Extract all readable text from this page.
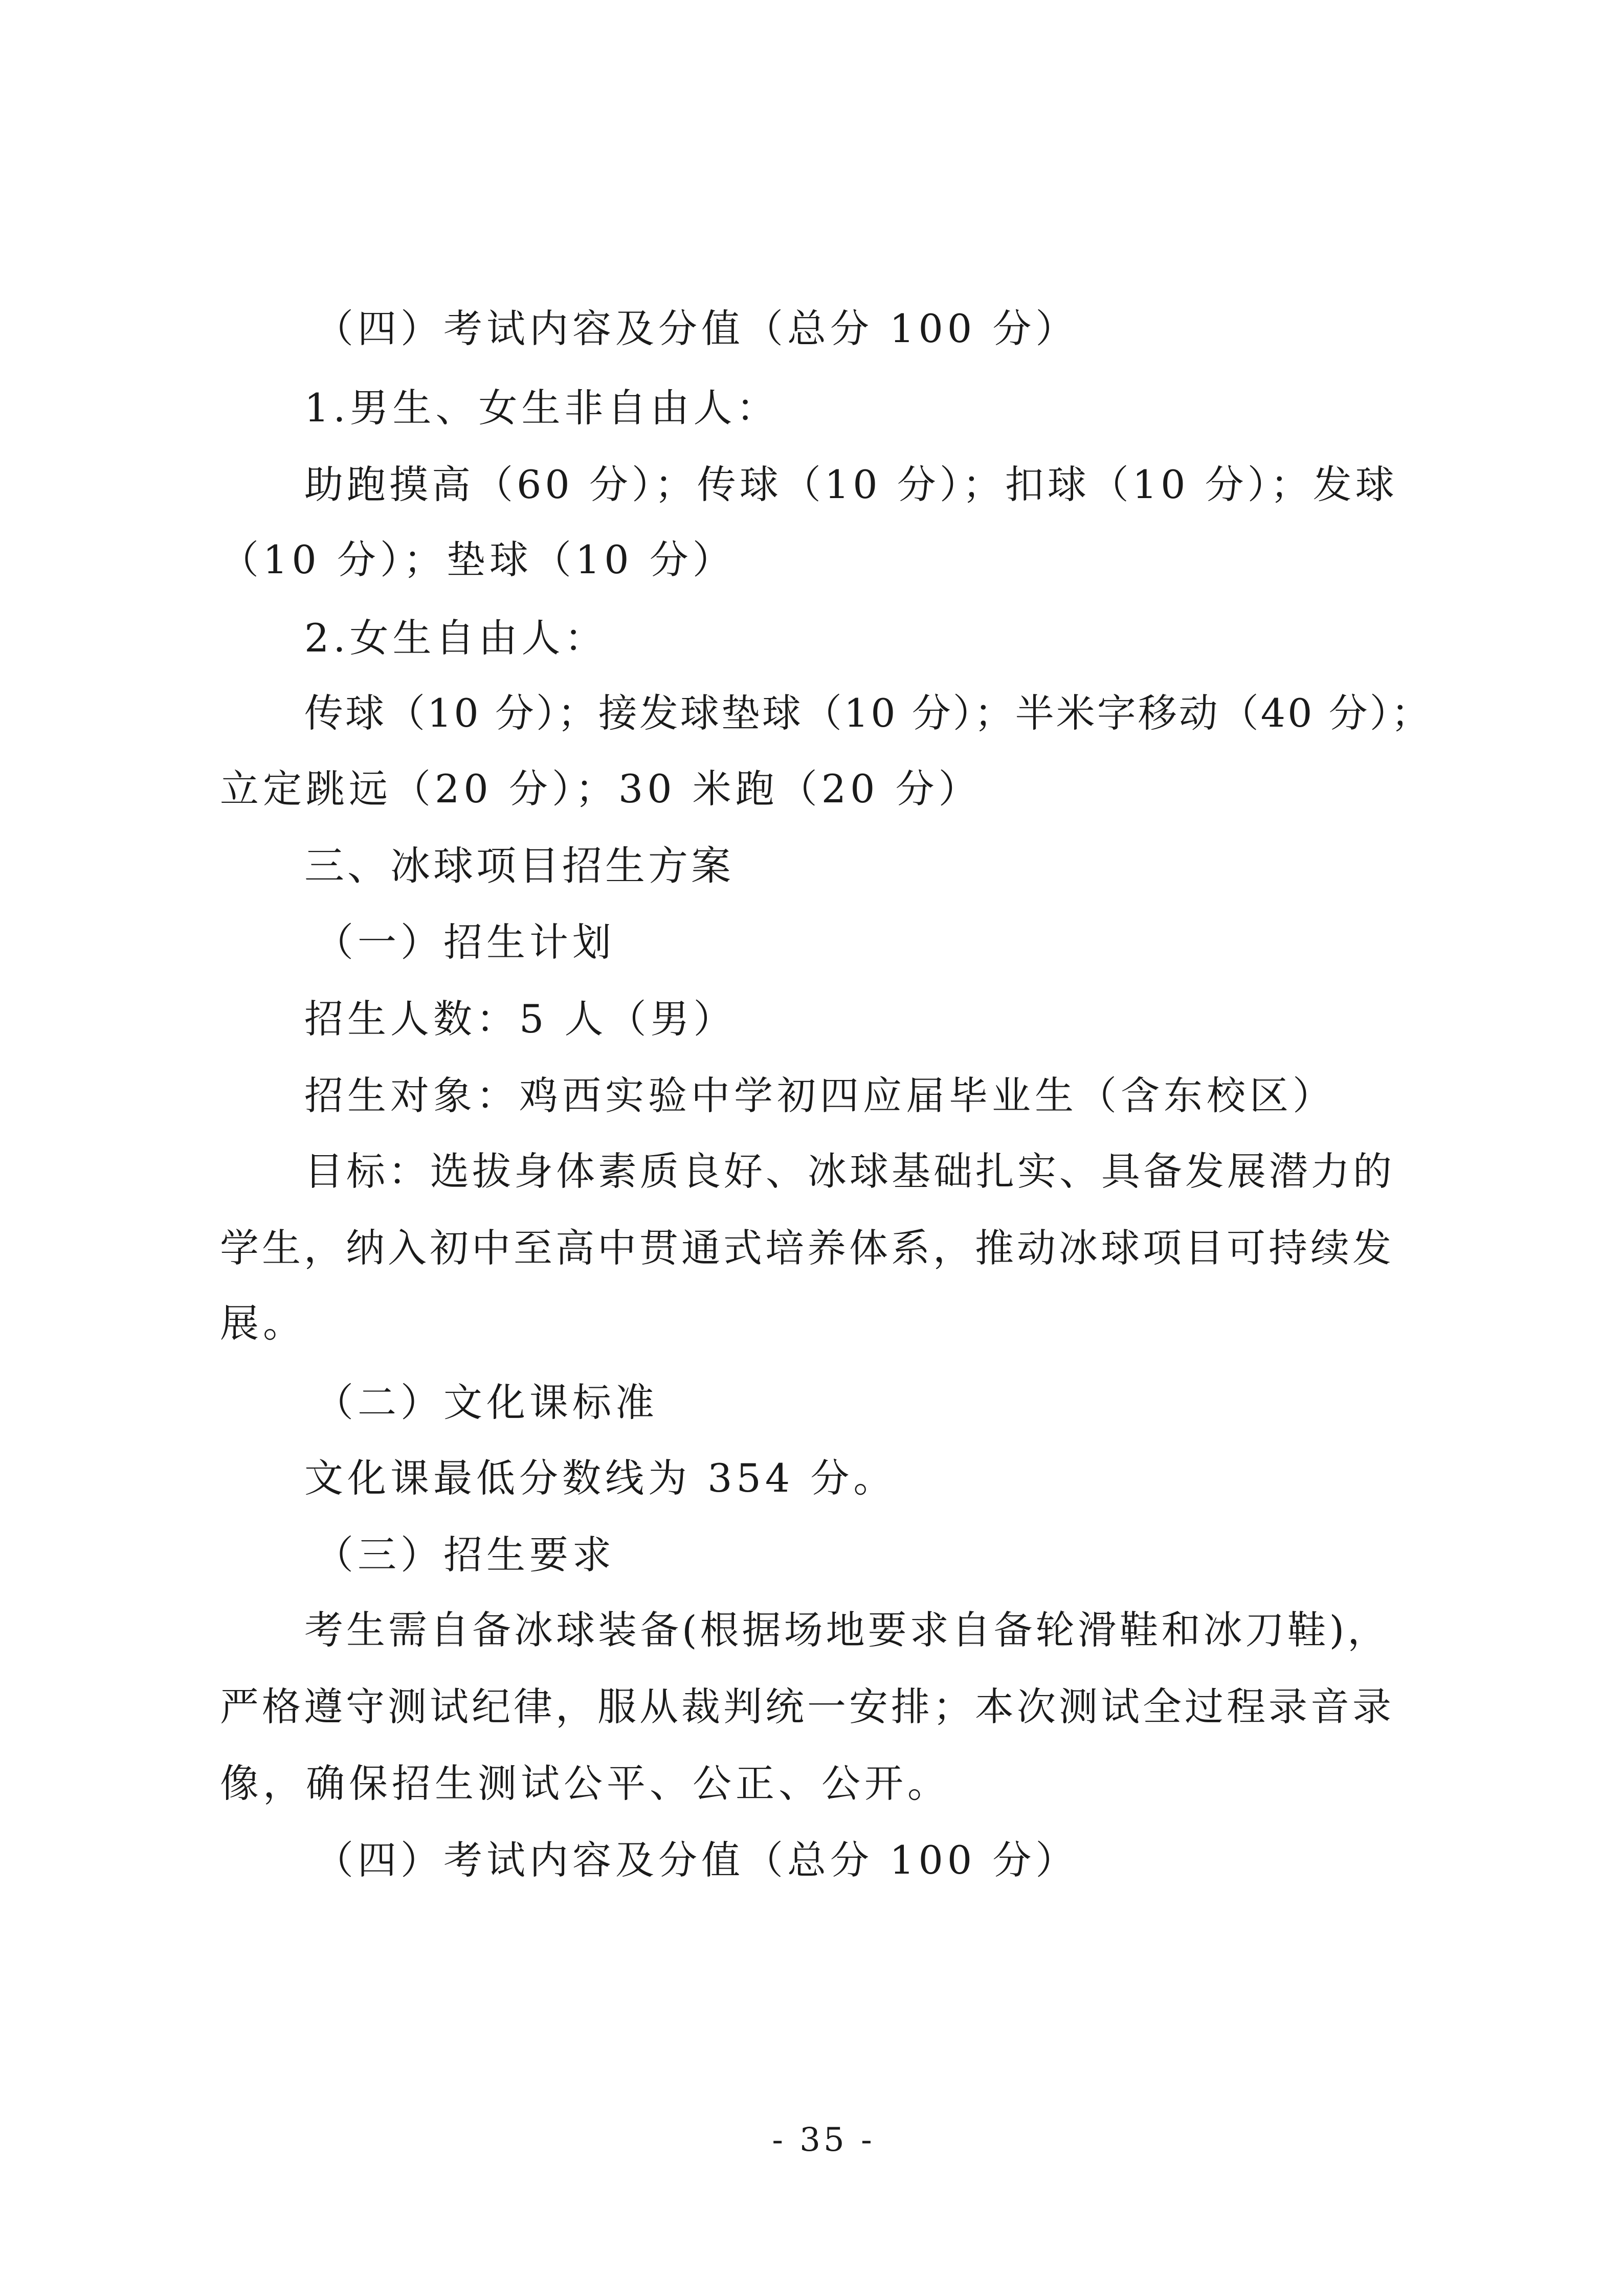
（四）考试内容及分值（总分 100 分）
1.男生、女生非自由人：
助跑摸高（60 分）；传球（10 分）；扣球（10 分）；发球
（10 分）；垫球（10 分）
2.女生自由人：
传球（10 分）；接发球垫球（10 分）；半米字移动（40 分）；
立定跳远（20 分）；30 米跑（20 分）
三、冰球项目招生方案
（一）招生计划
招生人数：5 人（男）
招生对象：鸡西实验中学初四应届毕业生（含东校区）
目标：选拔身体素质良好、冰球基础扎实、具备发展潜力的
学生，纳入初中至高中贯通式培养体系，推动冰球项目可持续发
展。
（二）文化课标准
文化课最低分数线为 354 分。
（三）招生要求
考生需自备冰球装备(根据场地要求自备轮滑鞋和冰刀鞋)，
严格遵守测试纪律，服从裁判统一安排；本次测试全过程录音录
像，确保招生测试公平、公正、公开。
（四）考试内容及分值（总分 100 分）
- 35 -
